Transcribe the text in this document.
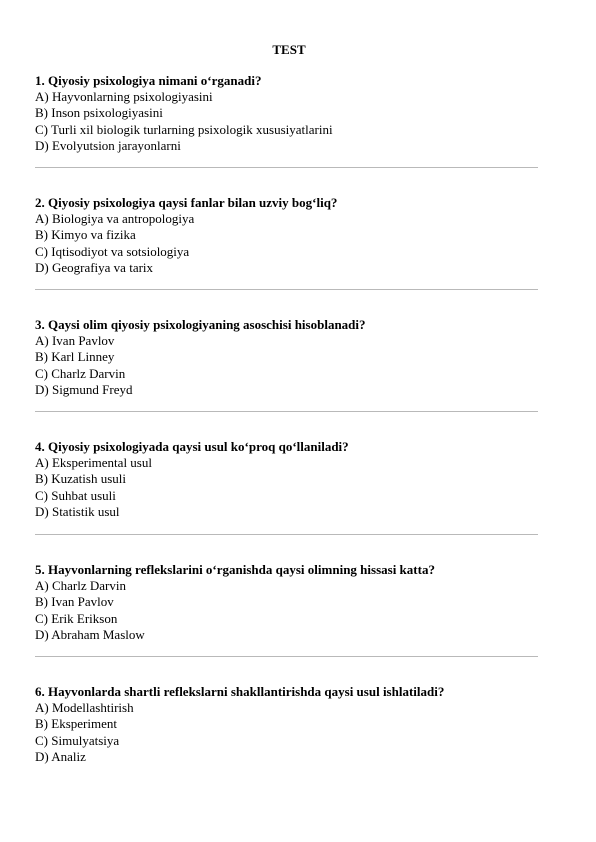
TEST
1. Qiyosiy psixologiya nimani o‘rganadi?
A) Hayvonlarning psixologiyasini
B) Inson psixologiyasini
C) Turli xil biologik turlarning psixologik xususiyatlarini
D) Evolyutsion jarayonlarni
2. Qiyosiy psixologiya qaysi fanlar bilan uzviy bog‘liq?
A) Biologiya va antropologiya
B) Kimyo va fizika
C) Iqtisodiyot va sotsiologiya
D) Geografiya va tarix
3. Qaysi olim qiyosiy psixologiyaning asoschisi hisoblanadi?
A) Ivan Pavlov
B) Karl Linney
C) Charlz Darvin
D) Sigmund Freyd
4. Qiyosiy psixologiyada qaysi usul ko‘proq qo‘llaniladi?
A) Eksperimental usul
B) Kuzatish usuli
C) Suhbat usuli
D) Statistik usul
5. Hayvonlarning reflekslarini o‘rganishda qaysi olimning hissasi katta?
A) Charlz Darvin
B) Ivan Pavlov
C) Erik Erikson
D) Abraham Maslow
6. Hayvonlarda shartli reflekslarni shakllantirishda qaysi usul ishlatiladi?
A) Modellashtirish
B) Eksperiment
C) Simulyatsiya
D) Analiz
